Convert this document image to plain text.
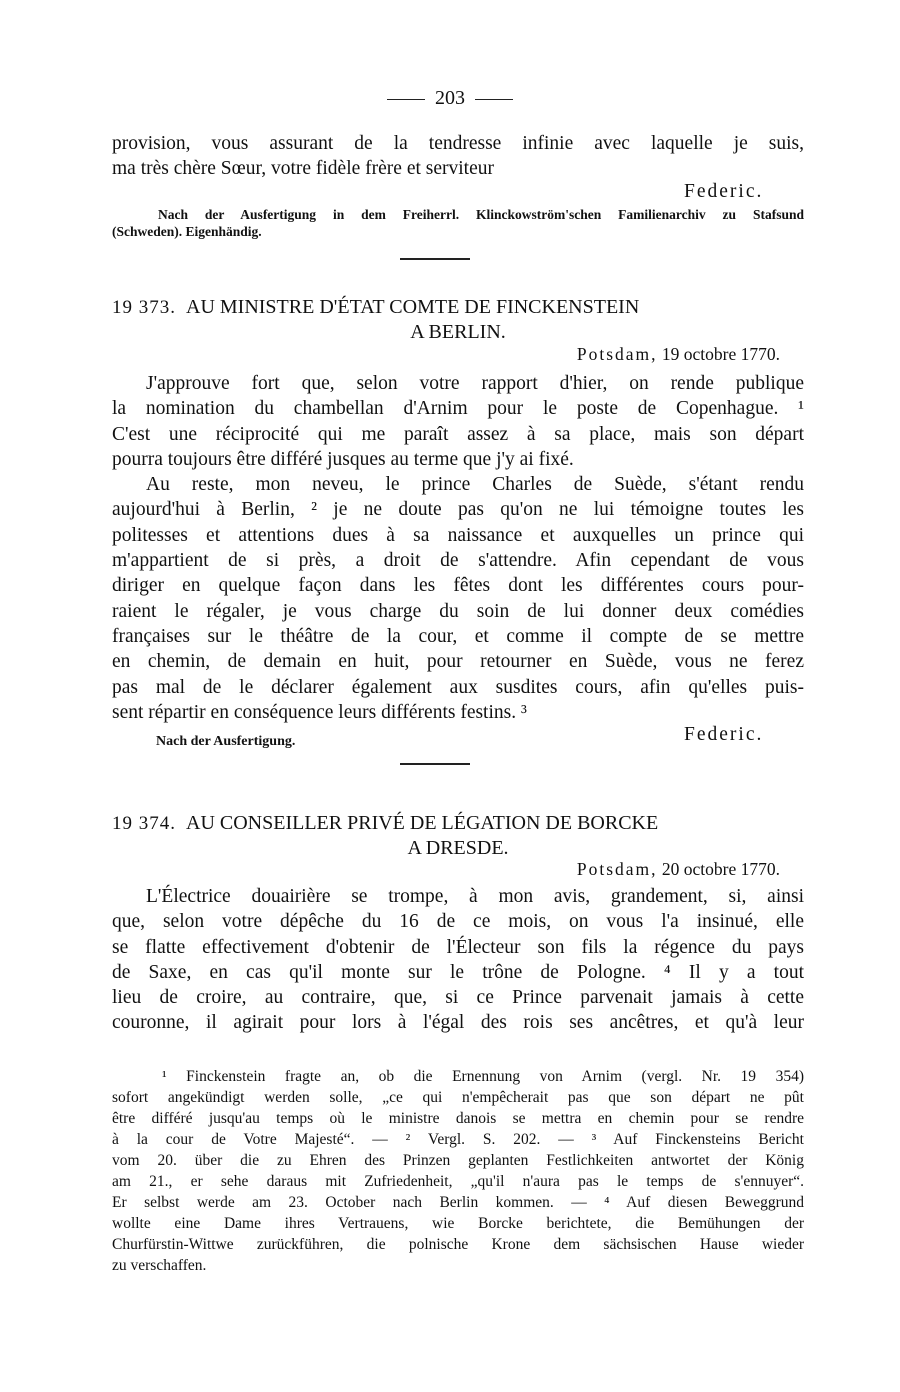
203
provision, vous assurant de la tendresse infinie avec laquelle je suis,
ma très chère Sœur, votre fidèle frère et serviteur
Federic.
Nach der Ausfertigung in dem Freiherrl. Klinckowström'schen Familienarchiv zu Stafsund
(Schweden). Eigenhändig.
19 373. AU MINISTRE D'ÉTAT COMTE DE FINCKENSTEIN
A BERLIN.
Potsdam, 19 octobre 1770.
J'approuve fort que, selon votre rapport d'hier, on rende publique
la nomination du chambellan d'Arnim pour le poste de Copenhague. ¹
C'est une réciprocité qui me paraît assez à sa place, mais son départ
pourra toujours être différé jusques au terme que j'y ai fixé.
Au reste, mon neveu, le prince Charles de Suède, s'étant rendu
aujourd'hui à Berlin, ² je ne doute pas qu'on ne lui témoigne toutes les
politesses et attentions dues à sa naissance et auxquelles un prince qui
m'appartient de si près, a droit de s'attendre. Afin cependant de vous
diriger en quelque façon dans les fêtes dont les différentes cours pour-
raient le régaler, je vous charge du soin de lui donner deux comédies
françaises sur le théâtre de la cour, et comme il compte de se mettre
en chemin, de demain en huit, pour retourner en Suède, vous ne ferez
pas mal de le déclarer également aux susdites cours, afin qu'elles puis-
sent répartir en conséquence leurs différents festins. ³
Nach der Ausfertigung.	Federic.
19 374. AU CONSEILLER PRIVÉ DE LÉGATION DE BORCKE
A DRESDE.
Potsdam, 20 octobre 1770.
L'Électrice douairière se trompe, à mon avis, grandement, si, ainsi
que, selon votre dépêche du 16 de ce mois, on vous l'a insinué, elle
se flatte effectivement d'obtenir de l'Électeur son fils la régence du pays
de Saxe, en cas qu'il monte sur le trône de Pologne. ⁴ Il y a tout
lieu de croire, au contraire, que, si ce Prince parvenait jamais à cette
couronne, il agirait pour lors à l'égal des rois ses ancêtres, et qu'à leur
¹ Finckenstein fragte an, ob die Ernennung von Arnim (vergl. Nr. 19 354)
sofort angekündigt werden solle, „ce qui n'empêcherait pas que son départ ne pût
être différé jusqu'au temps où le ministre danois se mettra en chemin pour se rendre
à la cour de Votre Majesté“. — ² Vergl. S. 202. — ³ Auf Finckensteins Bericht
vom 20. über die zu Ehren des Prinzen geplanten Festlichkeiten antwortet der König
am 21., er sehe daraus mit Zufriedenheit, „qu'il n'aura pas le temps de s'ennuyer“.
Er selbst werde am 23. October nach Berlin kommen. — ⁴ Auf diesen Beweggrund
wollte eine Dame ihres Vertrauens, wie Borcke berichtete, die Bemühungen der
Churfürstin-Wittwe zurückführen, die polnische Krone dem sächsischen Hause wieder
zu verschaffen.
